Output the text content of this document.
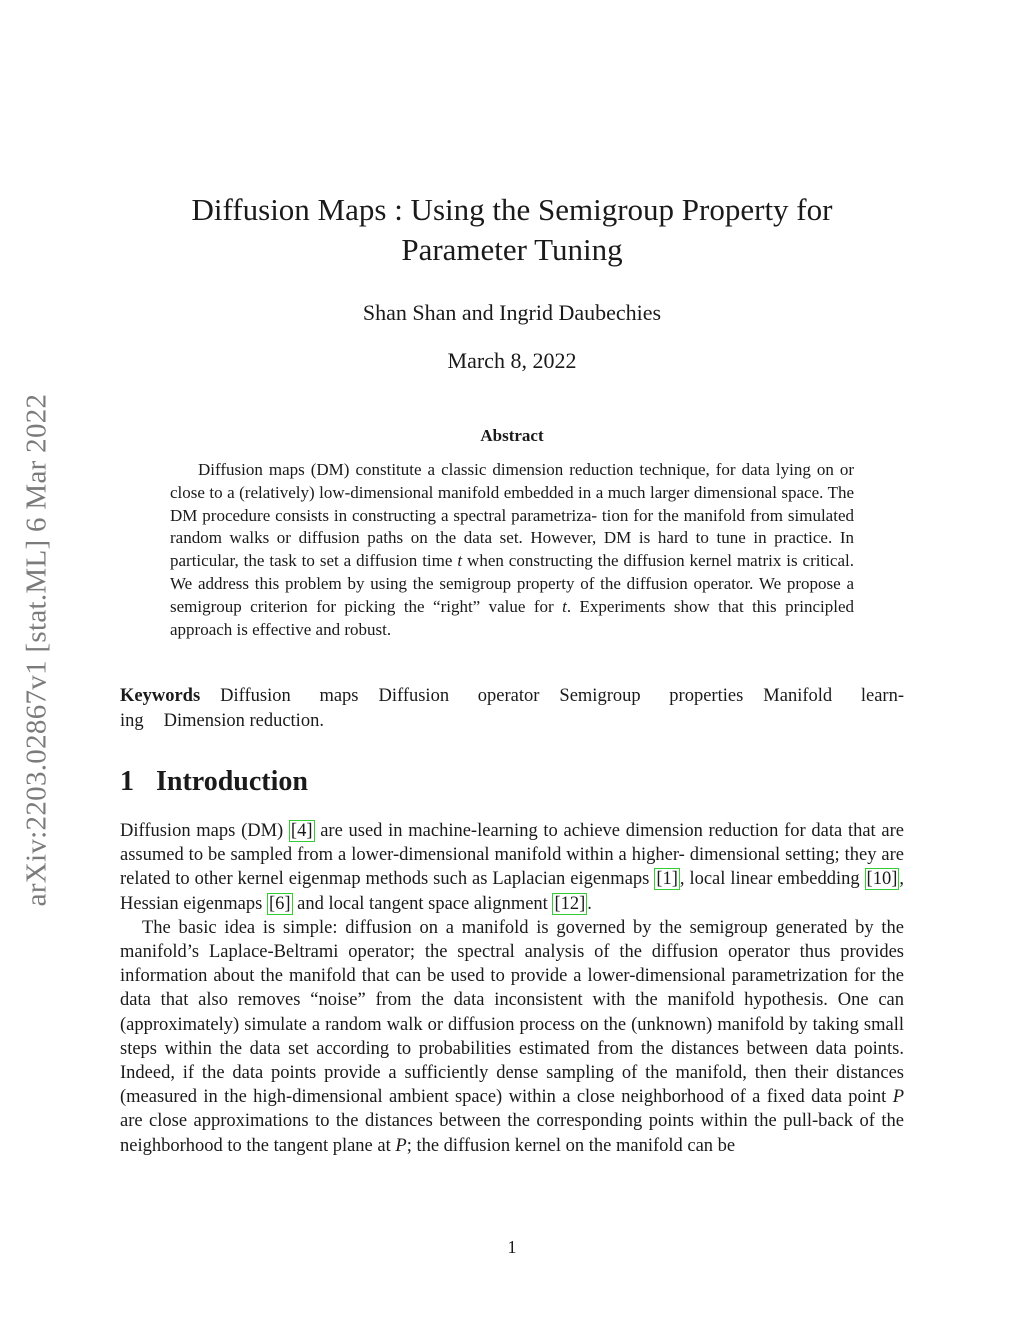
arXiv:2203.02867v1 [stat.ML] 6 Mar 2022
Diffusion Maps : Using the Semigroup Property for
Parameter Tuning
Shan Shan and Ingrid Daubechies
March 8, 2022
Abstract

Diffusion maps (DM) constitute a classic dimension reduction technique, for data lying on or close to a (relatively) low-dimensional manifold embedded in a much larger dimensional space. The DM procedure consists in constructing a spectral parametriza- tion for the manifold from simulated random walks or diffusion paths on the data set. However, DM is hard to tune in practice. In particular, the task to set a diffusion time t when constructing the diffusion kernel matrix is critical. We address this problem by using the semigroup property of the diffusion operator. We propose a semigroup criterion for picking the “right” value for t. Experiments show that this principled approach is effective and robust.

Keywords Diffusion maps Diffusion operator Semigroup properties Manifold learn- ing Dimension reduction.

1 Introduction

Diffusion maps (DM) [4] are used in machine-learning to achieve dimension reduction for data that are assumed to be sampled from a lower-dimensional manifold within a higher- dimensional setting; they are related to other kernel eigenmap methods such as Laplacian eigenmaps [1] , local linear embedding [10] , Hessian eigenmaps [6] and local tangent space alignment [12] .

The basic idea is simple: diffusion on a manifold is governed by the semigroup generated by the manifold’s Laplace-Beltrami operator; the spectral analysis of the diffusion operator thus provides information about the manifold that can be used to provide a lower-dimensional parametrization for the data that also removes “noise” from the data inconsistent with the manifold hypothesis. One can (approximately) simulate a random walk or diffusion process on the (unknown) manifold by taking small steps within the data set according to probabilities estimated from the distances between data points. Indeed, if the data points provide a sufficiently dense sampling of the manifold, then their distances (measured in the high-dimensional ambient space) within a close neighborhood of a fixed data point P are close approximations to the distances between the corresponding points within the pull-back of the neighborhood to the tangent plane at P; the diffusion kernel on the manifold can be

1
